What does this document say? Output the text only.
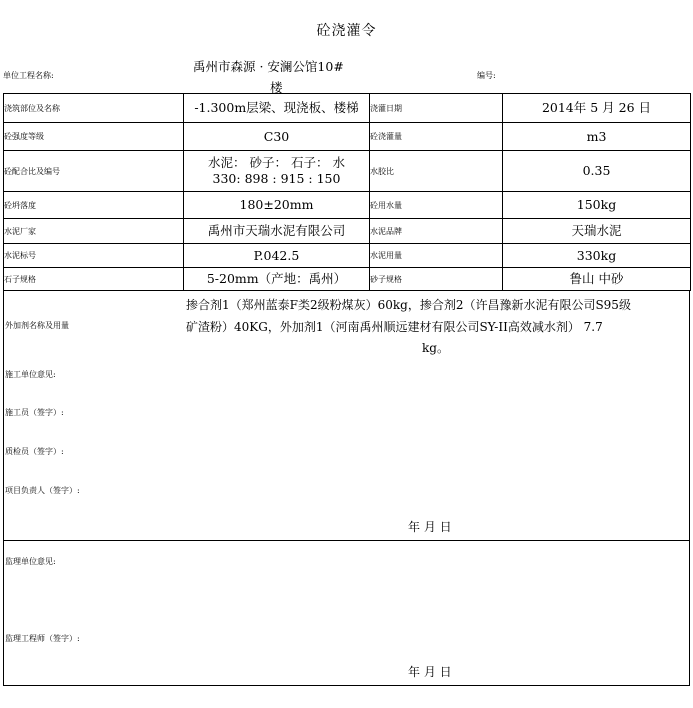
砼浇灌令
单位工程名称:
禹州市森源 · 安澜公馆10#
楼
编号:
浇筑部位及名称	-1.300m层梁、现浇板、楼梯	浇灌日期	2014年 5 月 26 日
砼强度等级	C30	砼浇灌量	m3
砼配合比及编号	水泥： 砂子： 石子： 水
330: 898 : 915 : 150	水胶比	0.35
砼坍落度	180±20mm	砼用水量	150kg
水泥厂家	禹州市天瑞水泥有限公司	水泥品牌	天瑞水泥
水泥标号	P.042.5	水泥用量	330kg
石子规格	5-20mm（产地：禹州）	砂子规格	鲁山 中砂
外加剂名称及用量
掺合剂1（郑州蓝泰F类2级粉煤灰）60kg，掺合剂2（许昌豫新水泥有限公司S95级
矿渣粉）40KG，外加剂1（河南禹州顺远建材有限公司SY-II高效减水剂） 7.7
kg。
施工单位意见:
施工员（签字）:
质检员（签字）:
项目负责人（签字）:
年 月 日
监理单位意见:
监理工程师（签字）:
年 月 日
